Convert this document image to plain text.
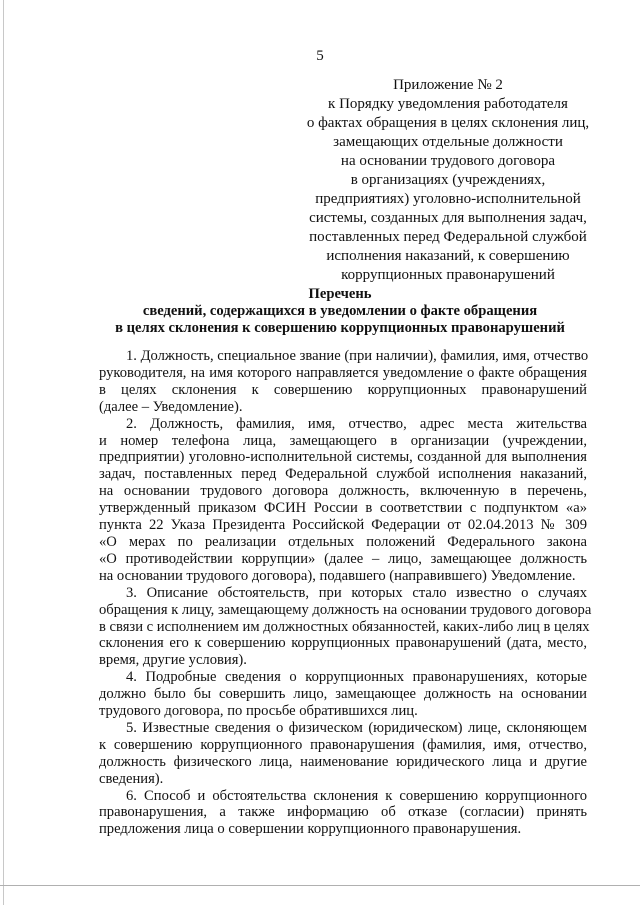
5
Приложение № 2
к Порядку уведомления работодателя
о фактах обращения в целях склонения лиц,
замещающих отдельные должности
на основании трудового договора
в организациях (учреждениях,
предприятиях) уголовно-исполнительной
системы, созданных для выполнения задач,
поставленных перед Федеральной службой
исполнения наказаний, к совершению
коррупционных правонарушений
Перечень
сведений, содержащихся в уведомлении о факте обращения
в целях склонения к совершению коррупционных правонарушений
1. Должность, специальное звание (при наличии), фамилия, имя, отчество
руководителя, на имя которого направляется уведомление о факте обращения
в целях склонения к совершению коррупционных правонарушений
(далее – Уведомление).
2. Должность, фамилия, имя, отчество, адрес места жительства
и номер телефона лица, замещающего в организации (учреждении,
предприятии) уголовно-исполнительной системы, созданной для выполнения
задач, поставленных перед Федеральной службой исполнения наказаний,
на основании трудового договора должность, включенную в перечень,
утвержденный приказом ФСИН России в соответствии с подпунктом «а»
пункта 22 Указа Президента Российской Федерации от 02.04.2013 № 309
«О мерах по реализации отдельных положений Федерального закона
«О противодействии коррупции» (далее – лицо, замещающее должность
на основании трудового договора), подавшего (направившего) Уведомление.
3. Описание обстоятельств, при которых стало известно о случаях
обращения к лицу, замещающему должность на основании трудового договора
в связи с исполнением им должностных обязанностей, каких-либо лиц в целях
склонения его к совершению коррупционных правонарушений (дата, место,
время, другие условия).
4. Подробные сведения о коррупционных правонарушениях, которые
должно было бы совершить лицо, замещающее должность на основании
трудового договора, по просьбе обратившихся лиц.
5. Известные сведения о физическом (юридическом) лице, склоняющем
к совершению коррупционного правонарушения (фамилия, имя, отчество,
должность физического лица, наименование юридического лица и другие
сведения).
6. Способ и обстоятельства склонения к совершению коррупционного
правонарушения, а также информацию об отказе (согласии) принять
предложения лица о совершении коррупционного правонарушения.
